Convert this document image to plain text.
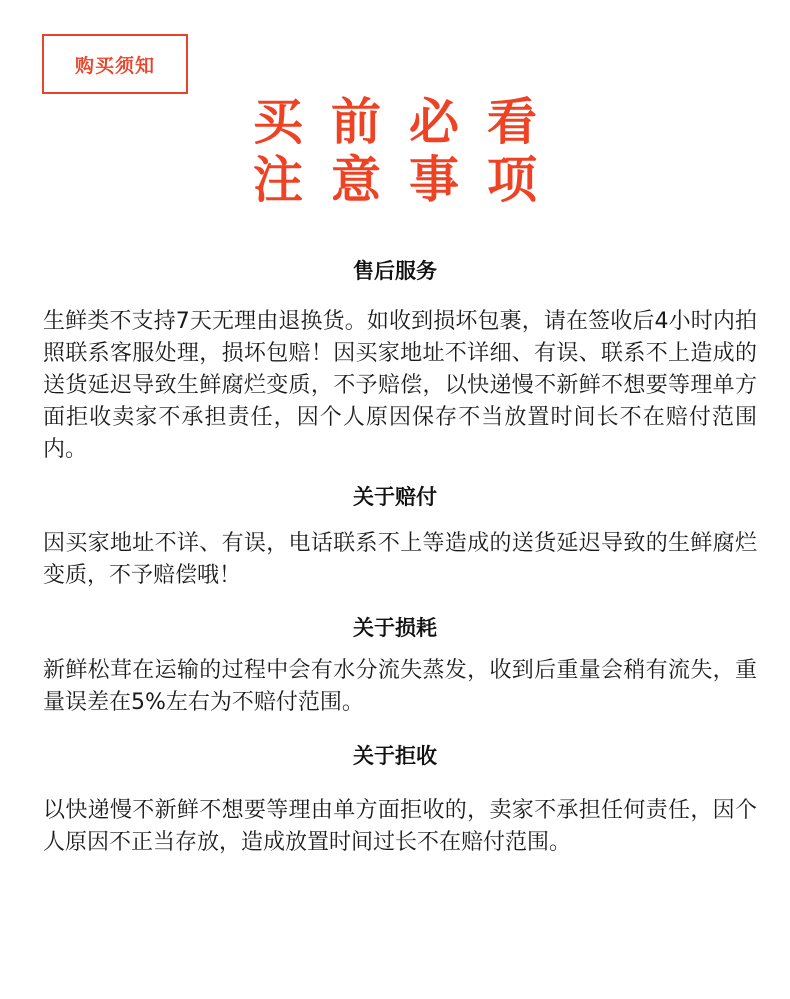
购买须知
买前必看
注意事项
售后服务
生鲜类不支持7天无理由退换货。如收到损坏包裹，请在签收后4小时内拍照联系客服处理，损坏包赔！因买家地址不详细、有误、联系不上造成的送货延迟导致生鲜腐烂变质，不予赔偿，以快递慢不新鲜不想要等理单方面拒收卖家不承担责任，因个人原因保存不当放置时间长不在赔付范围内。
关于赔付
因买家地址不详、有误，电话联系不上等造成的送货延迟导致的生鲜腐烂变质，不予赔偿哦！
关于损耗
新鲜松茸在运输的过程中会有水分流失蒸发，收到后重量会稍有流失，重量误差在5%左右为不赔付范围。
关于拒收
以快递慢不新鲜不想要等理由单方面拒收的，卖家不承担任何责任，因个人原因不正当存放，造成放置时间过长不在赔付范围。
